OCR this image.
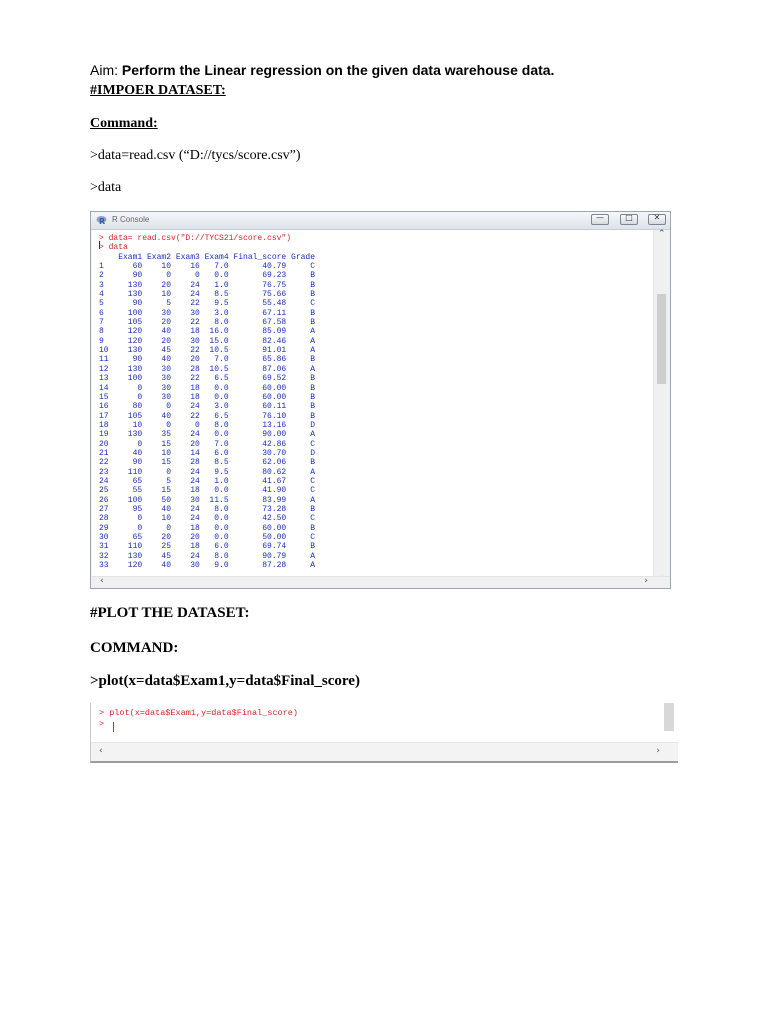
Aim: Perform the Linear regression on the given data warehouse data.
#IMPOER DATASET:
Command:
>data=read.csv (“D://tycs/score.csv”)
>data
R R Console	—	□	✕
> data= read.csv("D://TYCS21/score.csv")
> data
Exam1 Exam2 Exam3 Exam4 Final_score Grade
1      60    10    16   7.0       40.79     C
2      90     0     0   0.0       69.23     B
3     130    20    24   1.0       76.75     B
4     130    10    24   8.5       75.66     B
5      90     5    22   9.5       55.48     C
6     100    30    30   3.0       67.11     B
7     105    20    22   8.0       67.58     B
8     120    40    18  16.0       85.09     A
9     120    20    30  15.0       82.46     A
10    130    45    22  10.5       91.01     A
11     90    40    20   7.0       65.86     B
12    130    30    28  10.5       87.06     A
13    100    30    22   6.5       69.52     B
14      0    30    18   0.0       60.00     B
15      0    30    18   0.0       60.00     B
16     80     0    24   3.0       60.11     B
17    105    40    22   6.5       76.10     B
18     10     0     0   8.0       13.16     D
19    130    35    24   0.0       90.00     A
20      0    15    20   7.0       42.86     C
21     40    10    14   6.0       30.70     D
22     90    15    28   8.5       62.06     B
23    110     0    24   9.5       80.62     A
24     65     5    24   1.0       41.67     C
25     55    15    18   0.0       41.90     C
26    100    50    30  11.5       83.99     A
27     95    40    24   8.0       73.28     B
28      0    10    24   0.0       42.50     C
29      0     0    18   0.0       60.00     B
30     65    20    20   0.0       50.00     C
31    110    25    18   6.0       69.74     B
32    130    45    24   8.0       90.79     A
33    120    40    30   9.0       87.28     A

⌃
‹	›
#PLOT THE DATASET:
COMMAND:
>plot(x=data$Exam1,y=data$Final_score)
> plot(x=data$Exam1,y=data$Final_score)
>
‹	›
